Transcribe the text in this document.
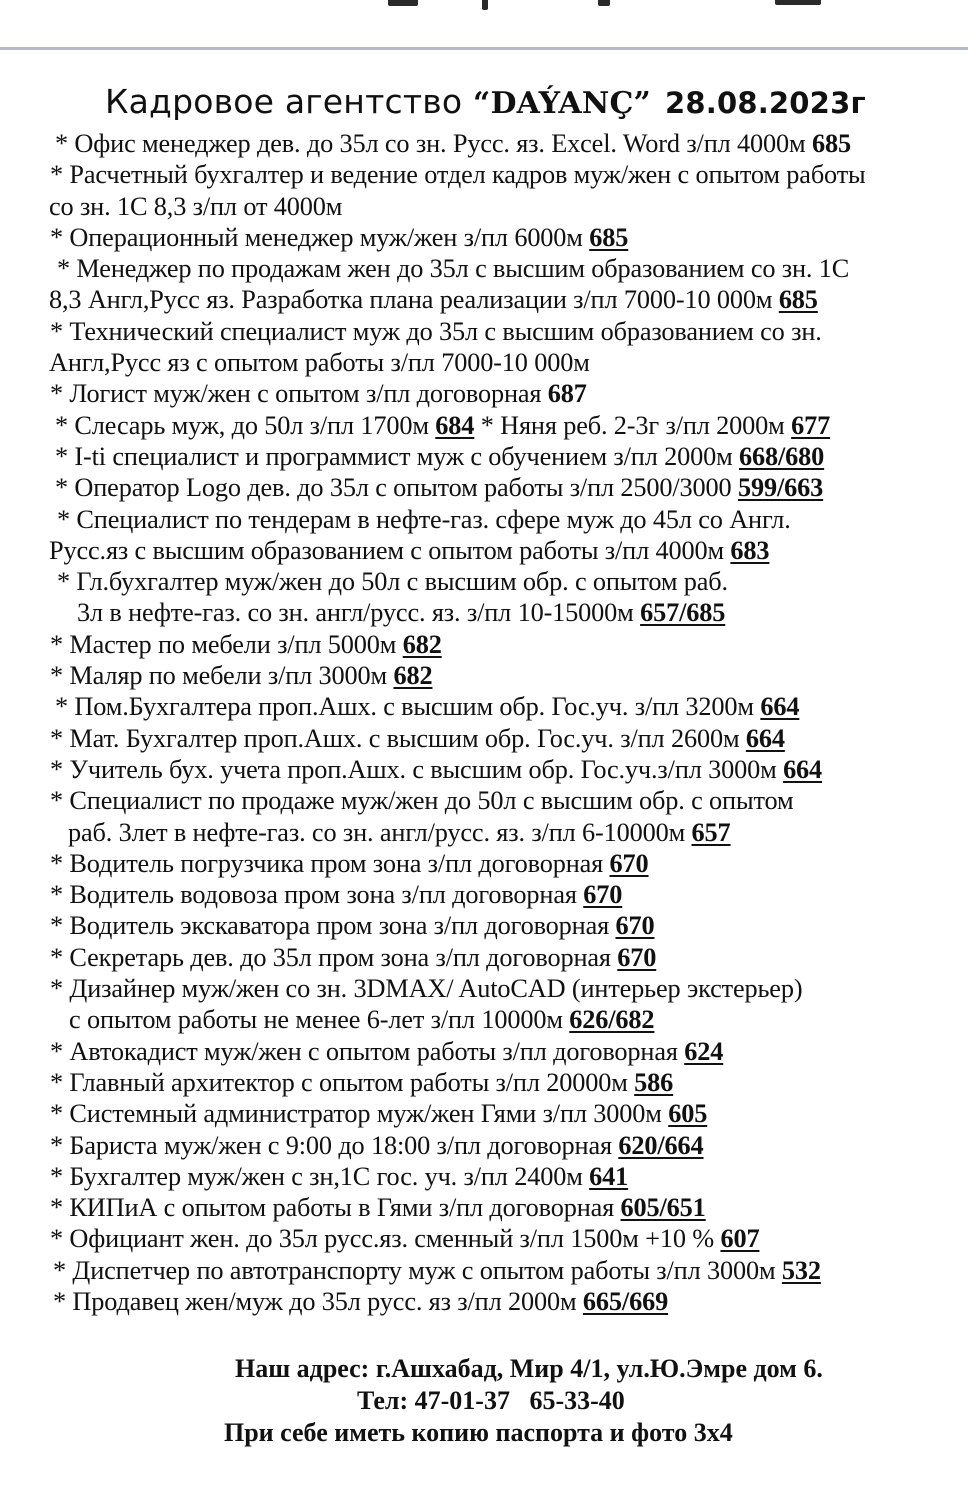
Кадровое агентство “DAÝANÇ” 28.08.2023г
* Офис менеджер дев. до 35л со зн. Русс. яз. Excel. Word з/пл 4000м 685
* Расчетный бухгалтер и ведение отдел кадров муж/жен с опытом работы
со зн. 1С 8,3 з/пл от 4000м
* Операционный менеджер муж/жен з/пл 6000м 685
* Менеджер по продажам жен до 35л с высшим образованием со зн. 1С
8,3 Англ,Русс яз. Разработка плана реализации з/пл 7000-10 000м 685
* Технический специалист муж до 35л с высшим образованием со зн.
Англ,Русс яз с опытом работы з/пл 7000-10 000м
* Логист муж/жен с опытом з/пл договорная 687
* Слесарь муж, до 50л з/пл 1700м 684 * Няня реб. 2-3г з/пл 2000м 677
* I-ti специалист и программист муж с обучением з/пл 2000м 668/680
* Оператор Logo дев. до 35л с опытом работы з/пл 2500/3000 599/663
* Специалист по тендерам в нефте-газ. сфере муж до 45л со Англ.
Русс.яз с высшим образованием с опытом работы з/пл 4000м 683
* Гл.бухгалтер муж/жен до 50л с высшим обр. с опытом раб.
3л в нефте-газ. со зн. англ/русс. яз. з/пл 10-15000м 657/685
* Мастер по мебели з/пл 5000м 682
* Маляр по мебели з/пл 3000м 682
* Пом.Бухгалтера проп.Ашх. с высшим обр. Гос.уч. з/пл 3200м 664
* Мат. Бухгалтер проп.Ашх. с высшим обр. Гос.уч. з/пл 2600м 664
* Учитель бух. учета проп.Ашх. с высшим обр. Гос.уч.з/пл 3000м 664
* Специалист по продаже муж/жен до 50л с высшим обр. с опытом
раб. 3лет в нефте-газ. со зн. англ/русс. яз. з/пл 6-10000м 657
* Водитель погрузчика пром зона з/пл договорная 670
* Водитель водовоза пром зона з/пл договорная 670
* Водитель экскаватора пром зона з/пл договорная 670
* Секретарь дев. до 35л пром зона з/пл договорная 670
* Дизайнер муж/жен со зн. 3DMAX/ AutoCAD (интерьер экстерьер)
с опытом работы не менее 6-лет з/пл 10000м 626/682
* Автокадист муж/жен с опытом работы з/пл договорная 624
* Главный архитектор с опытом работы з/пл 20000м 586
* Системный администратор муж/жен Гями з/пл 3000м 605
* Бариста муж/жен с 9:00 до 18:00 з/пл договорная 620/664
* Бухгалтер муж/жен с зн,1С гос. уч. з/пл 2400м 641
* КИПиА с опытом работы в Гями з/пл договорная 605/651
* Официант жен. до 35л русс.яз. сменный з/пл 1500м +10 % 607
* Диспетчер по автотранспорту муж с опытом работы з/пл 3000м 532
* Продавец жен/муж до 35л русс. яз з/пл 2000м 665/669
Наш адрес: г.Ашхабад, Мир 4/1, ул.Ю.Эмре дом 6.
Тел: 47-01-37   65-33-40
При себе иметь копию паспорта и фото 3х4
